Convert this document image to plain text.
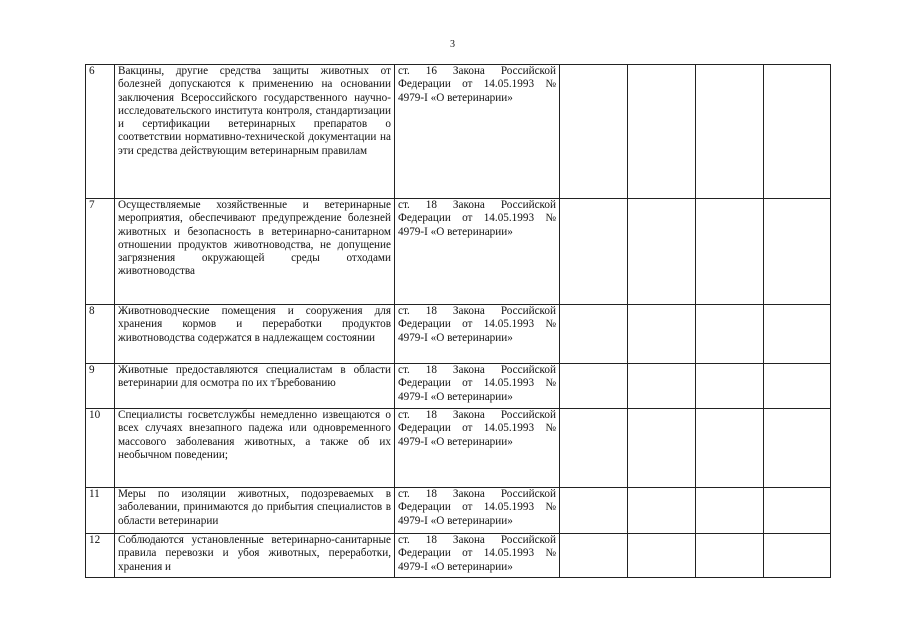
3
6	Вакцины, другие средства защиты животных от болезней допускаются к применению на основании заключения Всероссийского государственного научно-исследовательского института контроля, стандартизации и сертификации ветеринарных препаратов о соответствии нормативно-технической документации на эти средства действующим ветеринарным правилам	ст. 16 Закона Российской Федерации от 14.05.1993 № 4979-I «О ветеринарии»				
7	Осуществляемые хозяйственные и ветеринарные мероприятия, обеспечивают предупреждение болезней животных и безопасность в ветеринарно-санитарном отношении продуктов животноводства, не допущение загрязнения окружающей среды отходами животноводства	ст. 18 Закона Российской Федерации от 14.05.1993 № 4979-I «О ветеринарии»				
8	Животноводческие помещения и сооружения для хранения кормов и переработки продуктов животноводства содержатся в надлежащем состоянии	ст. 18 Закона Российской Федерации от 14.05.1993 № 4979-I «О ветеринарии»				
9	Животные предоставляются специалистам в области ветеринарии для осмотра по их тЪребованию	ст. 18 Закона Российской Федерации от 14.05.1993 № 4979-I «О ветеринарии»				
10	Специалисты госветслужбы немедленно извещаются о всех случаях внезапного падежа или одновременного массового заболевания животных, а также об их необычном поведении;	ст. 18 Закона Российской Федерации от 14.05.1993 № 4979-I «О ветеринарии»				
11	Меры по изоляции животных, подозреваемых в заболевании, принимаются до прибытия специалистов в области ветеринарии	ст. 18 Закона Российской Федерации от 14.05.1993 № 4979-I «О ветеринарии»				
12	Соблюдаются установленные ветеринарно-санитарные правила перевозки и убоя животных, переработки, хранения и	ст. 18 Закона Российской Федерации от 14.05.1993 № 4979-I «О ветеринарии»				
